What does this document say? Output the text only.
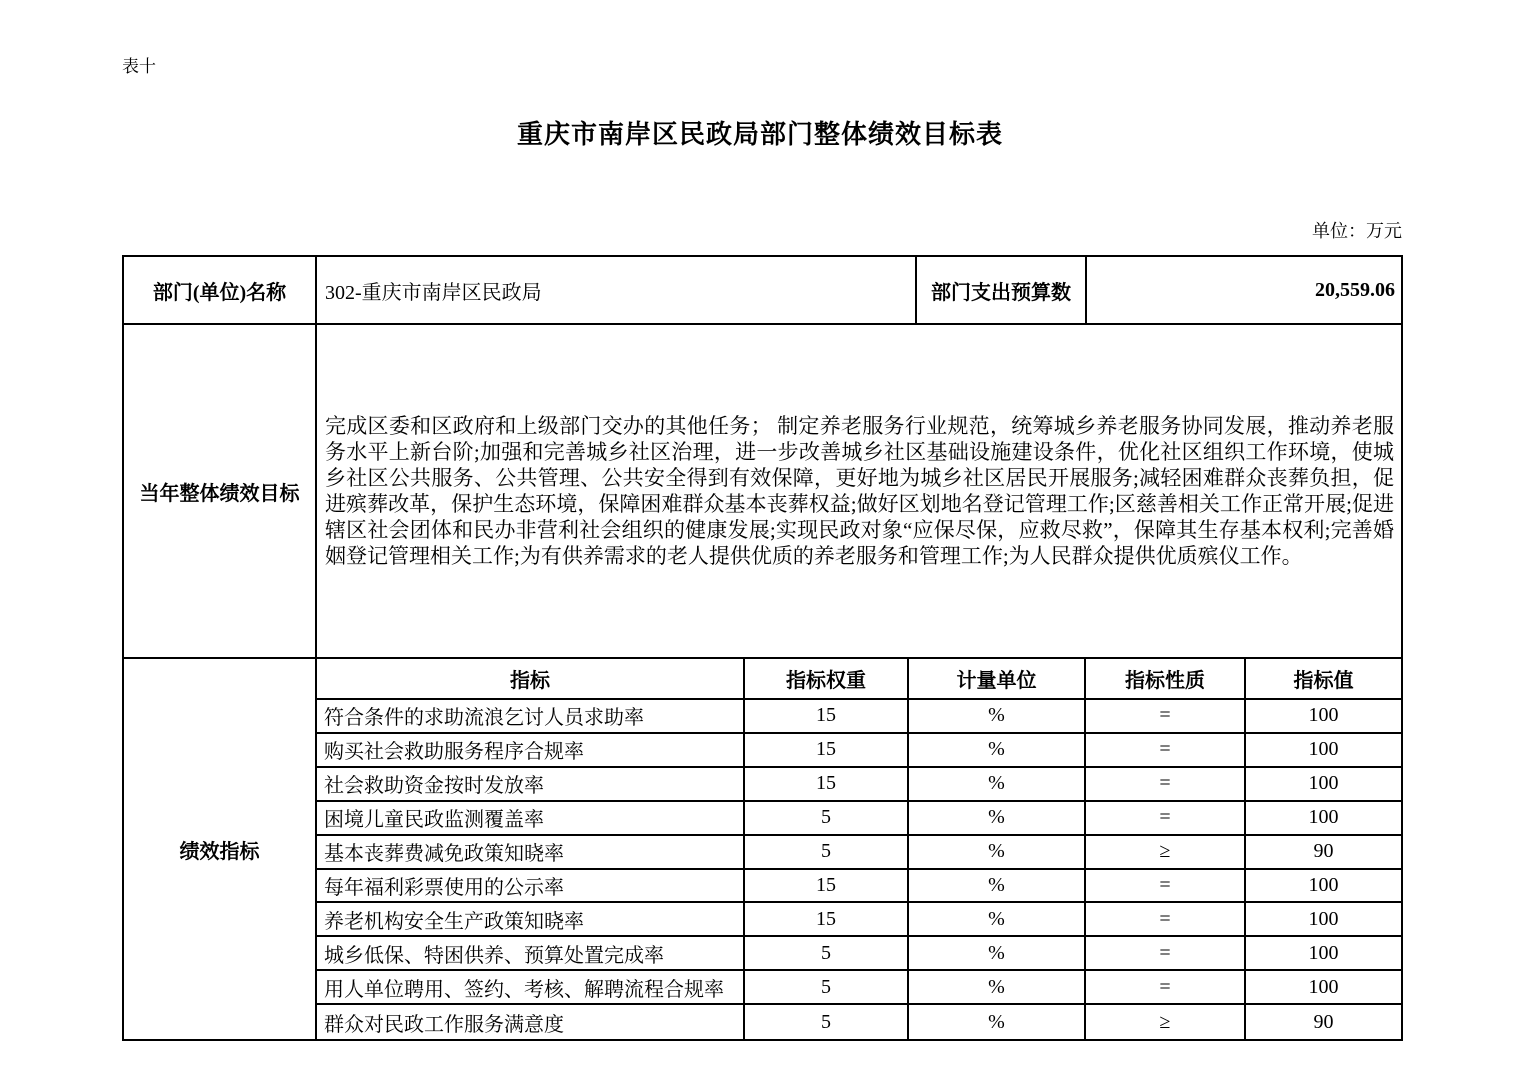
表十
重庆市南岸区民政局部门整体绩效目标表
单位：万元
部门(单位)名称	302-重庆市南岸区民政局	部门支出预算数	20,559.06
当年整体绩效目标
完成区委和区政府和上级部门交办的其他任务； 制定养老服务行业规范，统筹城乡养老服务协同发展，推动养老服务水平上新台阶;加强和完善城乡社区治理，进一步改善城乡社区基础设施建设条件，优化社区组织工作环境，使城乡社区公共服务、公共管理、公共安全得到有效保障，更好地为城乡社区居民开展服务;减轻困难群众丧葬负担，促进殡葬改革，保护生态环境，保障困难群众基本丧葬权益;做好区划地名登记管理工作;区慈善相关工作正常开展;促进辖区社会团体和民办非营利社会组织的健康发展;实现民政对象“应保尽保，应救尽救”，保障其生存基本权利;完善婚姻登记管理相关工作;为有供养需求的老人提供优质的养老服务和管理工作;为人民群众提供优质殡仪工作。
绩效指标
指标	指标权重	计量单位	指标性质	指标值
符合条件的求助流浪乞讨人员求助率	15	%	=	100
购买社会救助服务程序合规率	15	%	=	100
社会救助资金按时发放率	15	%	=	100
困境儿童民政监测覆盖率	5	%	=	100
基本丧葬费减免政策知晓率	5	%	≥	90
每年福利彩票使用的公示率	15	%	=	100
养老机构安全生产政策知晓率	15	%	=	100
城乡低保、特困供养、预算处置完成率	5	%	=	100
用人单位聘用、签约、考核、解聘流程合规率	5	%	=	100
群众对民政工作服务满意度	5	%	≥	90
